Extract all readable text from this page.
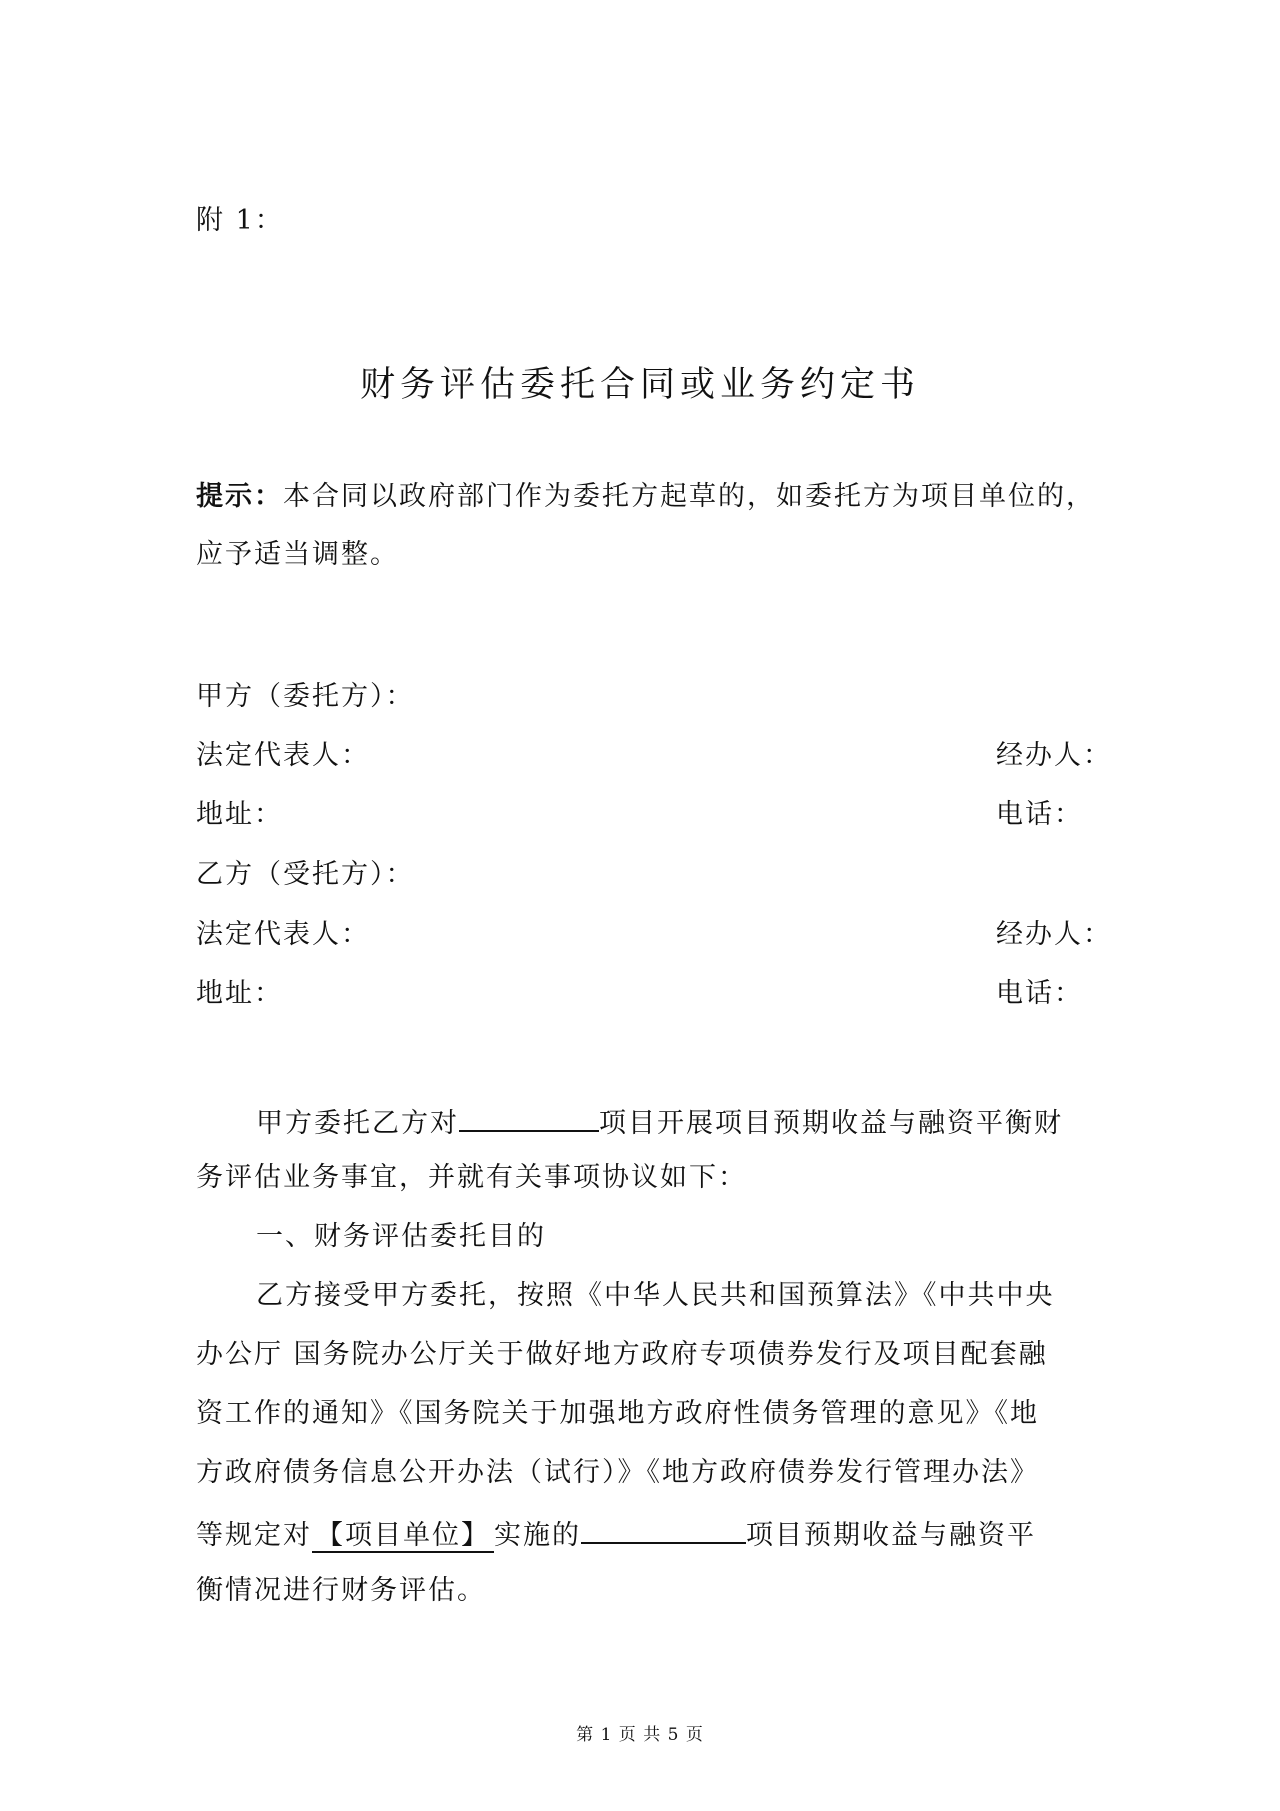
附 1：
财务评估委托合同或业务约定书
提示：本合同以政府部门作为委托方起草的，如委托方为项目单位的，
应予适当调整。
甲方（委托方）：
法定代表人：	经办人：
地址：	电话：
乙方（受托方）：
法定代表人：	经办人：
地址：	电话：
甲方委托乙方对	项目开展项目预期收益与融资平衡财
务评估业务事宜，并就有关事项协议如下：
一、财务评估委托目的
乙方接受甲方委托，按照《中华人民共和国预算法》《中共中央
办公厅 国务院办公厅关于做好地方政府专项债券发行及项目配套融
资工作的通知》《国务院关于加强地方政府性债务管理的意见》《地
方政府债务信息公开办法（试行）》《地方政府债券发行管理办法》
等规定对 【项目单位】 实施的	项目预期收益与融资平
衡情况进行财务评估。
第 1 页 共 5 页
